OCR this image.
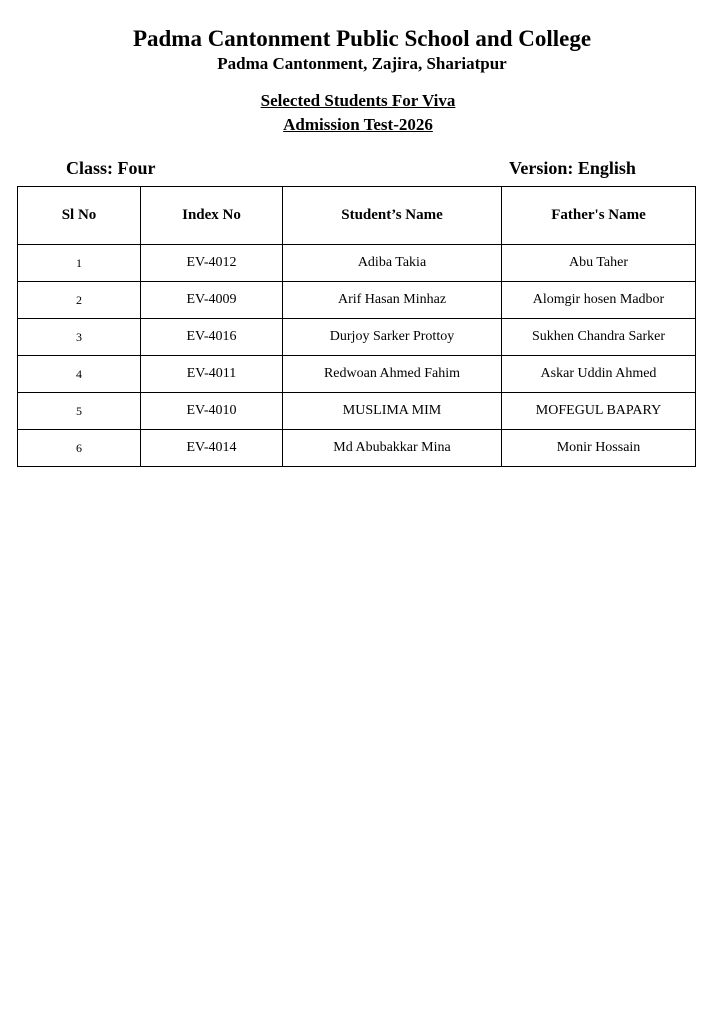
Padma Cantonment Public School and College
Padma Cantonment, Zajira, Shariatpur
Selected Students For Viva
Admission Test-2026
Class: Four	Version: English
Sl No	Index No	Student’s Name	Father's Name
1	EV-4012	Adiba Takia	Abu Taher
2	EV-4009	Arif Hasan Minhaz	Alomgir hosen Madbor
3	EV-4016	Durjoy Sarker Prottoy	Sukhen Chandra Sarker
4	EV-4011	Redwoan Ahmed Fahim	Askar Uddin Ahmed
5	EV-4010	MUSLIMA MIM	MOFEGUL BAPARY
6	EV-4014	Md Abubakkar Mina	Monir Hossain
